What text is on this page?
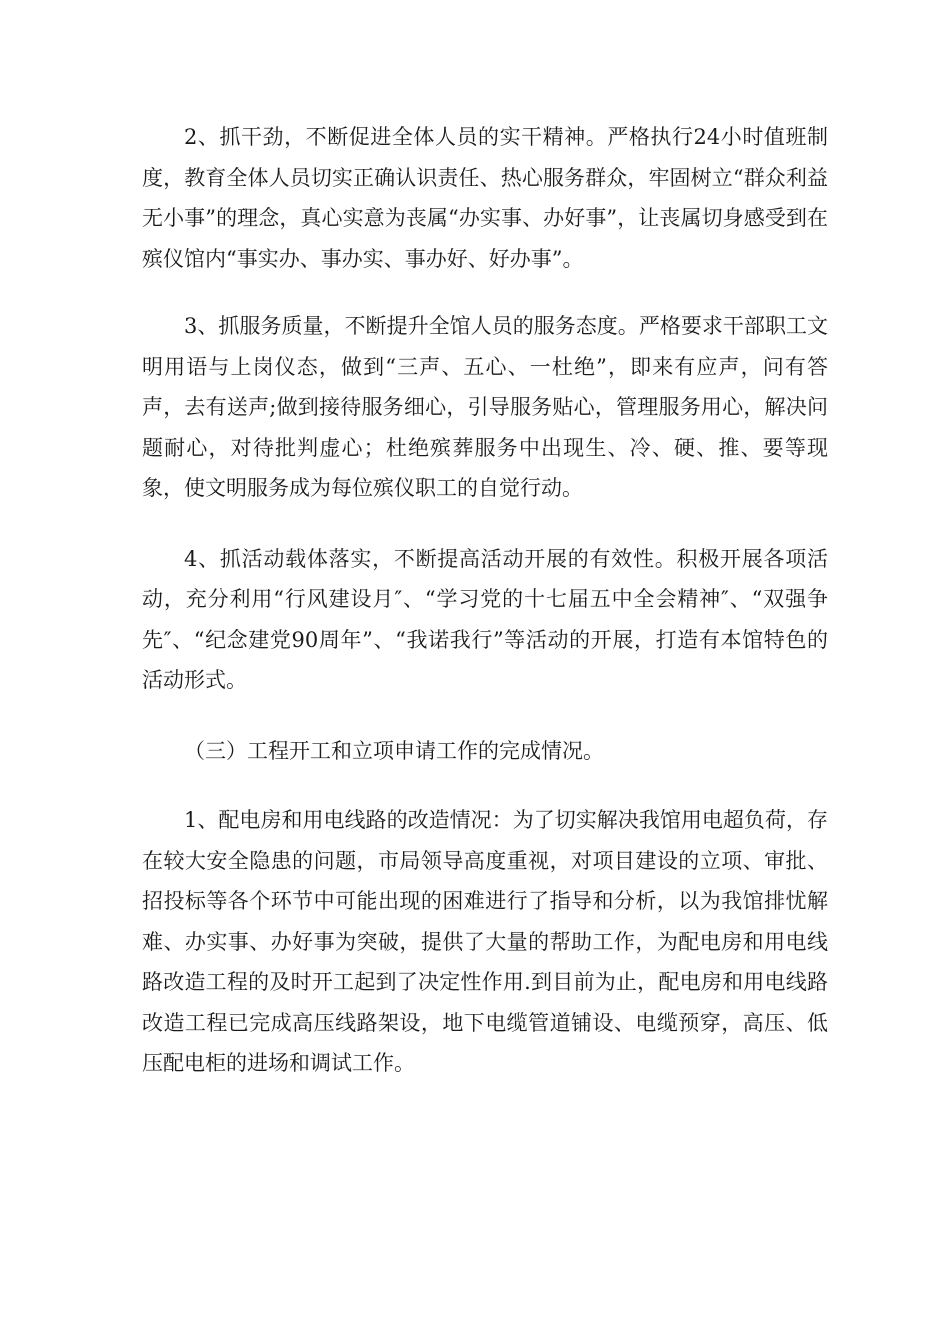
2、抓干劲，不断促进全体人员的实干精神。严格执行24小时值班制度，教育全体人员切实正确认识责任、热心服务群众，牢固树立“群众利益无小事”的理念，真心实意为丧属“办实事、办好事”，让丧属切身感受到在殡仪馆内“事实办、事办实、事办好、好办事”。

3、抓服务质量，不断提升全馆人员的服务态度。严格要求干部职工文明用语与上岗仪态，做到“三声、五心、一杜绝”，即来有应声，问有答声，去有送声;做到接待服务细心，引导服务贴心，管理服务用心，解决问题耐心，对待批判虚心；杜绝殡葬服务中出现生、冷、硬、推、要等现象，使文明服务成为每位殡仪职工的自觉行动。

4、抓活动载体落实，不断提高活动开展的有效性。积极开展各项活动，充分利用“行风建设月″、“学习党的十七届五中全会精神″、“双强争先″、“纪念建党90周年”、“我诺我行”等活动的开展，打造有本馆特色的活动形式。

（三）工程开工和立项申请工作的完成情况。

1、配电房和用电线路的改造情况：为了切实解决我馆用电超负荷，存在较大安全隐患的问题，市局领导高度重视，对项目建设的立项、审批、招投标等各个环节中可能出现的困难进行了指导和分析，以为我馆排忧解难、办实事、办好事为突破，提供了大量的帮助工作，为配电房和用电线路改造工程的及时开工起到了决定性作用.到目前为止，配电房和用电线路改造工程已完成高压线路架设，地下电缆管道铺设、电缆预穿，高压、低压配电柜的进场和调试工作。
